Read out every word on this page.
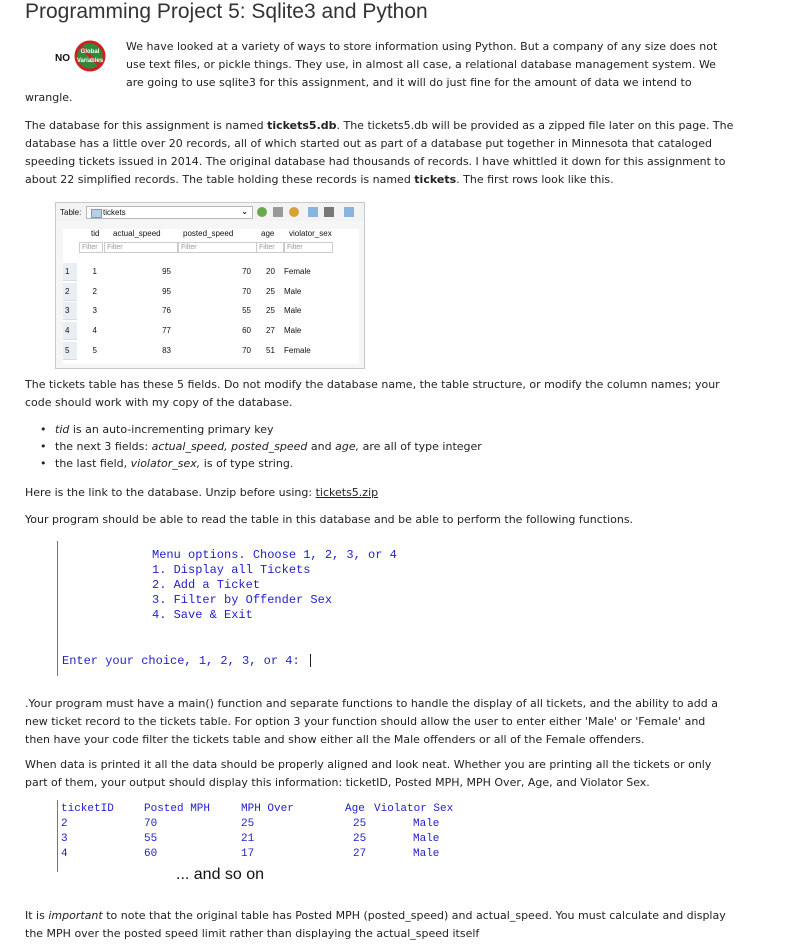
Programming Project 5: Sqlite3 and Python
NO
Global
Variables
We have looked at a variety of ways to store information using Python. But a company of any size does not
use text files, or pickle things. They use, in almost all case, a relational database management system. We
are going to use sqlite3 for this assignment, and it will do just fine for the amount of data we intend to
wrangle.
The database for this assignment is named tickets5.db. The tickets5.db will be provided as a zipped file later on this page. The
database has a little over 20 records, all of which started out as part of a database put together in Minnesota that cataloged
speeding tickets issued in 2014. The original database had thousands of records. I have whittled it down for this assignment to
about 22 simplified records. The table holding these records is named tickets. The first rows look like this.
Table:	tickets	⌄
tid actual_speed	posted_speed	age violator_sex
Filter	Filter	Filter	Filter	Filter
1	1	95	70 20 Female
2	2	95	70 25 Male
3	3	76	55 25 Male
4	4	77	60 27 Male
5	5	83	70 51 Female
The tickets table has these 5 fields. Do not modify the database name, the table structure, or modify the column names; your
code should work with my copy of the database.
• tid is an auto-incrementing primary key
• the next 3 fields: actual_speed, posted_speed and age, are all of type integer
• the last field, violator_sex, is of type string.
Here is the link to the database. Unzip before using: tickets5.zip
Your program should be able to read the table in this database and be able to perform the following functions.
Menu options. Choose 1, 2, 3, or 4
1. Display all Tickets
2. Add a Ticket
3. Filter by Offender Sex
4. Save & Exit
Enter your choice, 1, 2, 3, or 4:
.Your program must have a main() function and separate functions to handle the display of all tickets, and the ability to add a
new ticket record to the tickets table. For option 3 your function should allow the user to enter either 'Male' or 'Female' and
then have your code filter the tickets table and show either all the Male offenders or all of the Female offenders.
When data is printed it all the data should be properly aligned and look neat. Whether you are printing all the tickets or only
part of them, your output should display this information: ticketID, Posted MPH, MPH Over, Age, and Violator Sex.
ticketID	Posted MPH	MPH Over	Age Violator Sex
2	70	25	25	Male
3	55	21	25	Male
4	60	17	27	Male
... and so on
It is important to note that the original table has Posted MPH (posted_speed) and actual_speed. You must calculate and display
the MPH over the posted speed limit rather than displaying the actual_speed itself
